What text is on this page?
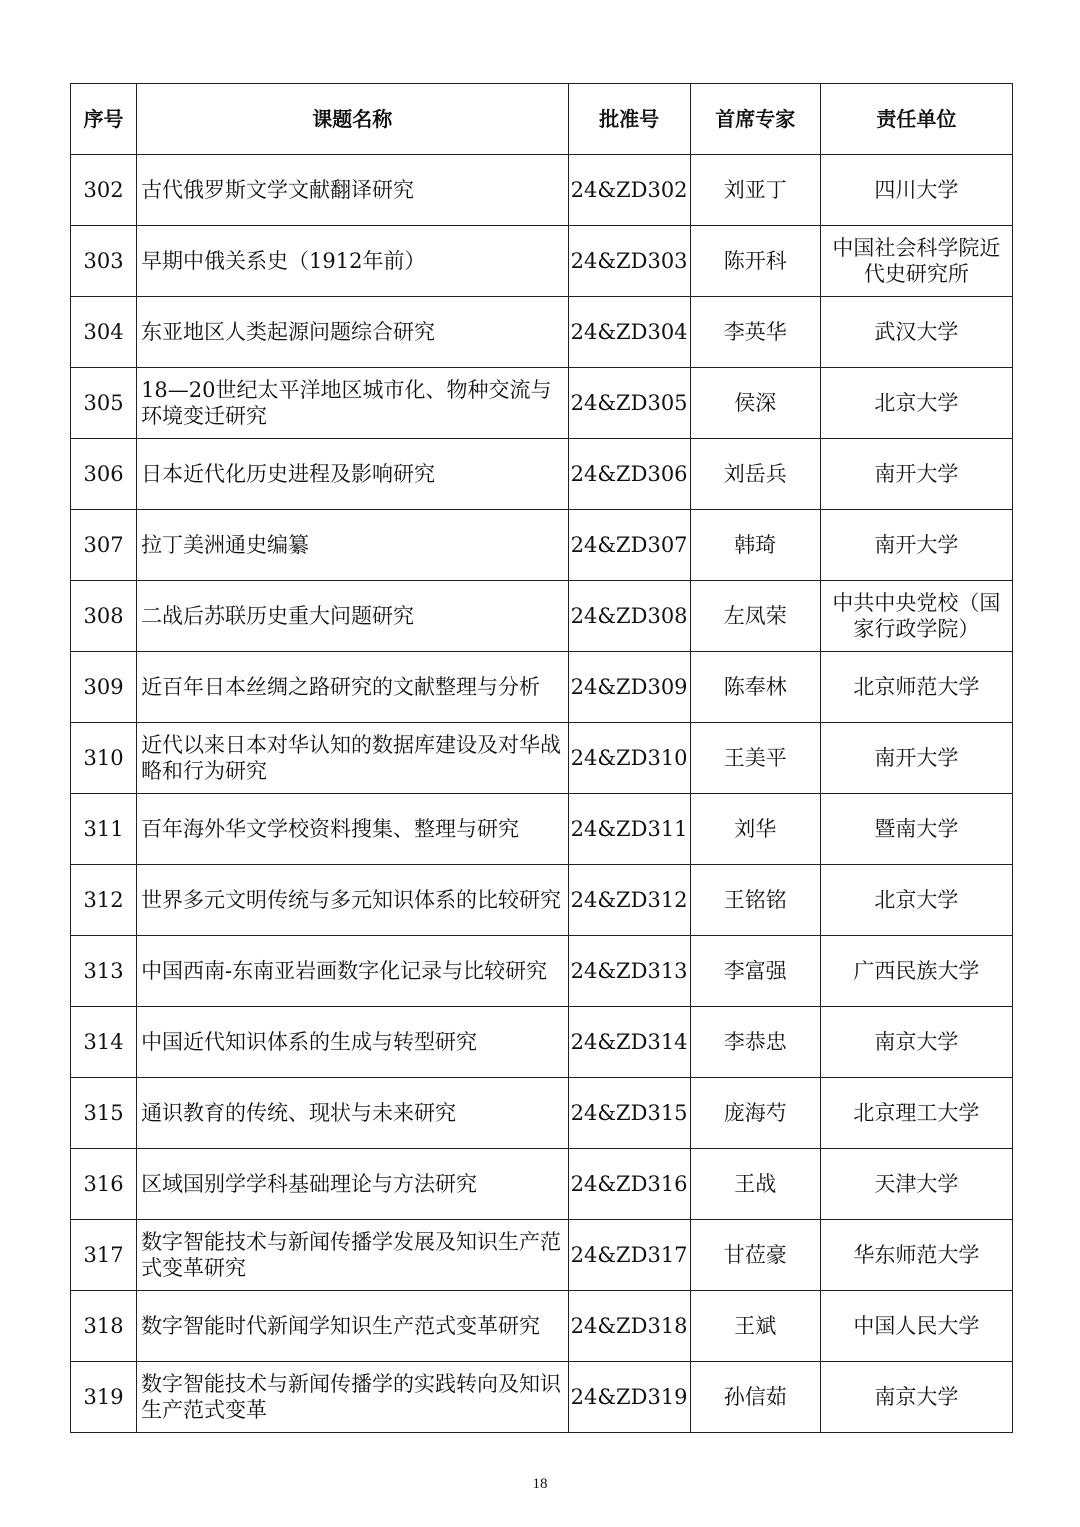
序号	课题名称	批准号	首席专家	责任单位
302	古代俄罗斯文学文献翻译研究	24&ZD302	刘亚丁	四川大学
303	早期中俄关系史（1912年前）	24&ZD303	陈开科	中国社会科学院近代史研究所
304	东亚地区人类起源问题综合研究	24&ZD304	李英华	武汉大学
305	18—20世纪太平洋地区城市化、物种交流与环境变迁研究	24&ZD305	侯深	北京大学
306	日本近代化历史进程及影响研究	24&ZD306	刘岳兵	南开大学
307	拉丁美洲通史编纂	24&ZD307	韩琦	南开大学
308	二战后苏联历史重大问题研究	24&ZD308	左凤荣	中共中央党校（国家行政学院）
309	近百年日本丝绸之路研究的文献整理与分析	24&ZD309	陈奉林	北京师范大学
310	近代以来日本对华认知的数据库建设及对华战略和行为研究	24&ZD310	王美平	南开大学
311	百年海外华文学校资料搜集、整理与研究	24&ZD311	刘华	暨南大学
312	世界多元文明传统与多元知识体系的比较研究	24&ZD312	王铭铭	北京大学
313	中国西南-东南亚岩画数字化记录与比较研究	24&ZD313	李富强	广西民族大学
314	中国近代知识体系的生成与转型研究	24&ZD314	李恭忠	南京大学
315	通识教育的传统、现状与未来研究	24&ZD315	庞海芍	北京理工大学
316	区域国别学学科基础理论与方法研究	24&ZD316	王战	天津大学
317	数字智能技术与新闻传播学发展及知识生产范式变革研究	24&ZD317	甘莅豪	华东师范大学
318	数字智能时代新闻学知识生产范式变革研究	24&ZD318	王斌	中国人民大学
319	数字智能技术与新闻传播学的实践转向及知识生产范式变革	24&ZD319	孙信茹	南京大学
18
